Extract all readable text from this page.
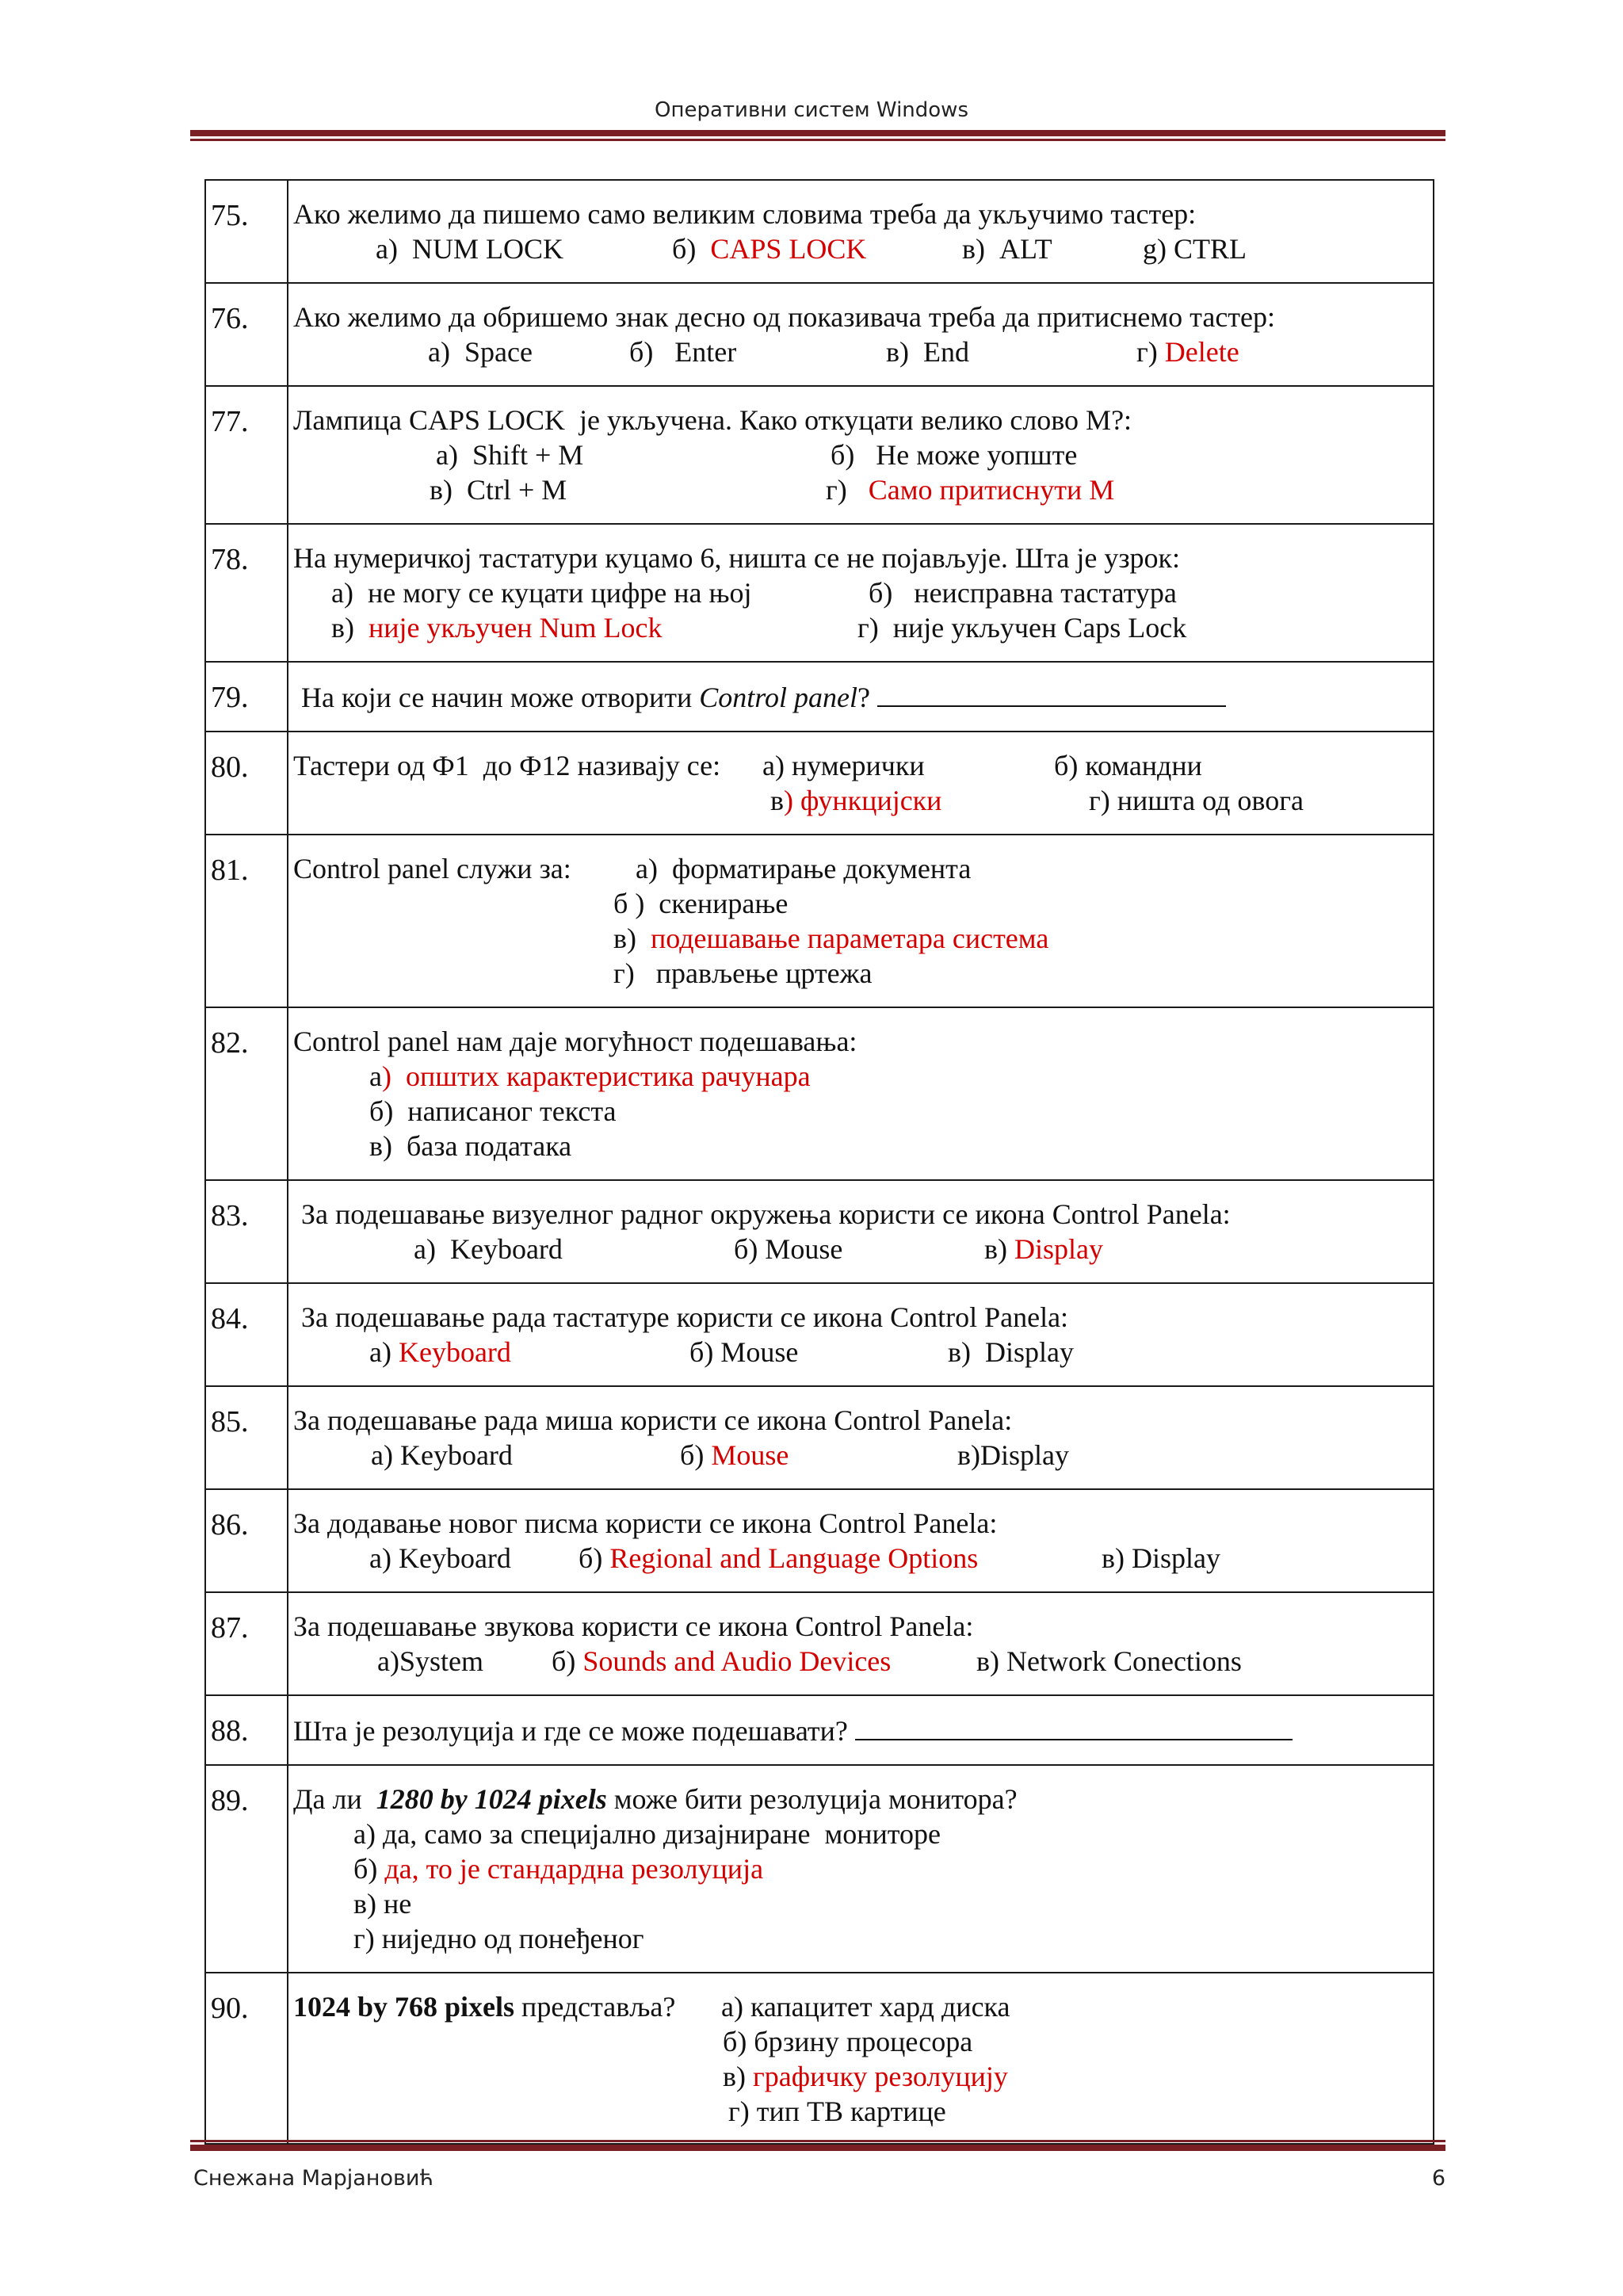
Оперативни систем Windows
75.	Ако желимо да пишемо само великим словима треба да укључимо тастер:
а)  NUM LOCK б)  CAPS LOCK в)  ALT g) CTRL

76.	Ако желимо да обришемо знак десно од показивача треба да притиснемо тастер:
а)  Space б)   Enter в)  End г) Delete

77.	Лампица CAPS LOCK  је укључена. Како откуцати велико слово M?:
а)  Shift + M б)   Не може уопште
в)  Ctrl + M г)   Само притиснути М

78.	На нумеричкој тастатури куцамо 6, ништа се не појављује. Шта је узрок:
а)  не могу се куцати цифре на њој б)   неисправна тастатура
в)  није укључен Num Lock г)  није укључен Caps Lock

79.	На који се начин може отворити Control panel?

80.	Тастери од Ф1  до Ф12 називају се: а) нумерички б) командни
в) функцијски г) ништа од овога

81.	Control panel служи за: а)  форматирање документа
б )  скенирање
в)  подешавање параметара система
г)   прављење цртежа

82.	Control panel нам даје могућност подешавања:
а)  општих карактеристика рачунара
б)  написаног текста
в)  база података

83.	За подешавање визуелног радног окружења користи се икона Control Panela:
а)  Keyboard б) Mouse в) Display

84.	За подешавање рада тастатуре користи се икона Control Panela:
а) Keyboard б) Mouse в)  Display

85.	За подешавање рада миша користи се икона Control Panela:
а) Keyboard б) Mouse в)Display

86.	За додавање новог писма користи се икона Control Panela:
а) Keyboard б) Regional and Language Options в) Display

87.	За подешавање звукова користи се икона Control Panela:
а)System б) Sounds and Audio Devices в) Network Conections

88.	Шта је резолуција и где се може подешавати?

89.	Да ли  1280 by 1024 pixels може бити резолуција монитора?
а) да, само за специјално дизајниране  мониторе
б) да, то је стандардна резолуција
в) не
г) ниједно од понеђеног

90.	1024 by 768 pixels представља? а) капацитет хард диска
б) брзину процесора
в) графичку резолуцију
г) тип ТВ картице
Снежана Марјановић	6
